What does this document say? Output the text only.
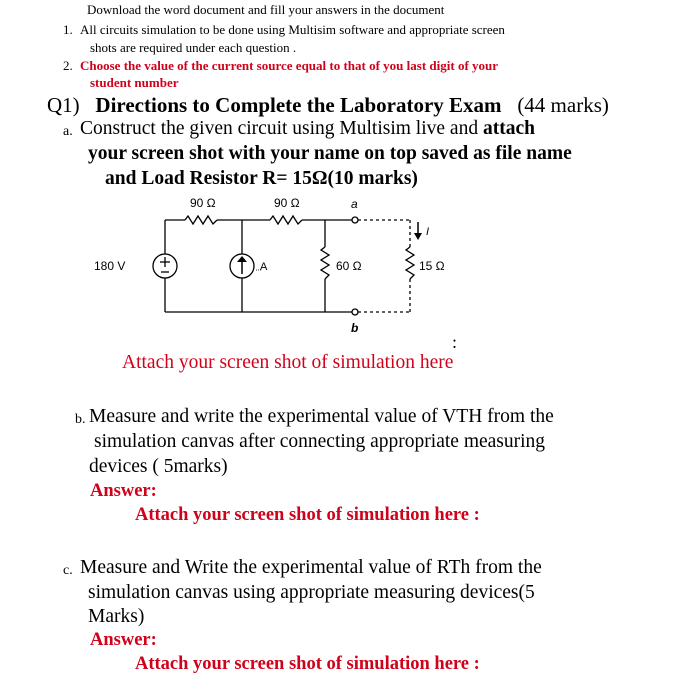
Download the word document and fill your answers in the document
1. All circuits simulation to be done using Multisim software and appropriate screen
shots are required under each question .
2. Choose the value of the current source equal to that of you last digit of your
student number
Q1) Directions to Complete the Laboratory Exam (44 marks)
a. Construct the given circuit using Multisim live and attach
your screen shot with your name on top saved as file name
and Load Resistor R= 15Ω(10 marks)
90 Ω	90 Ω
180 V	A	60 Ω	15 Ω
a
b
I
:
Attach your screen shot of simulation here
b. Measure and write the experimental value of VTH from the
simulation canvas after connecting appropriate measuring
devices ( 5marks)
Answer:
Attach your screen shot of simulation here :
c. Measure and Write the experimental value of RTh from the
simulation canvas using appropriate measuring devices(5
Marks)
Answer:
Attach your screen shot of simulation here :
